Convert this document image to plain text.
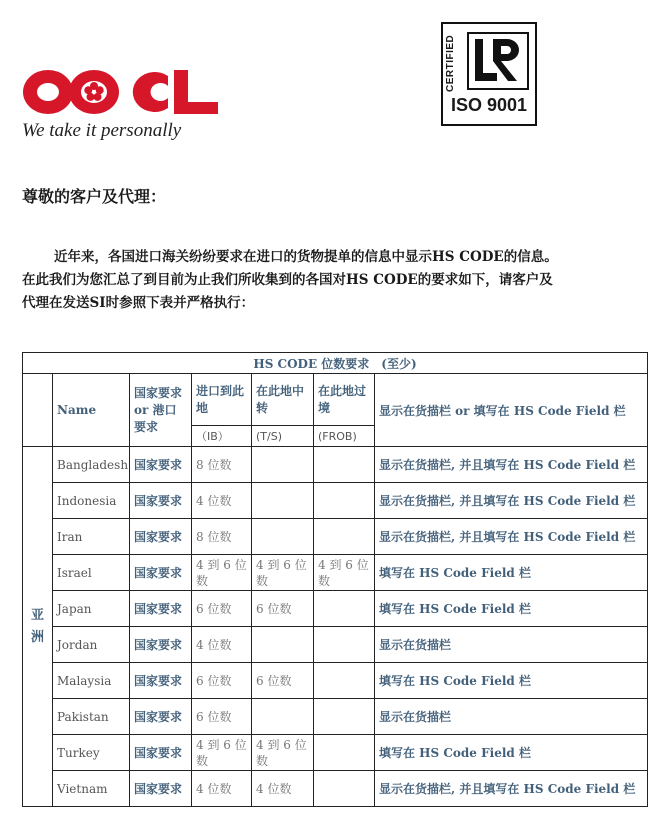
We take it personally
CERTIFIED
ISO 9001
尊敬的客户及代理：
近年来，各国进口海关纷纷要求在进口的货物提单的信息中显示HS CODE的信息。
在此我们为您汇总了到目前为止我们所收集到的各国对HS CODE的要求如下，请客户及
代理在发送SI时参照下表并严格执行：
HS CODE 位数要求　(至少)						
	Name	国家要求 or 港口要求	进口到此地	在此地中转	在此地过境	显示在货描栏 or 填写在 HS Code Field 栏
			（IB）	(T/S)	(FROB)	

亚
洲	Bangladesh	国家要求	8 位数			显示在货描栏, 并且填写在 HS Code Field 栏
	Indonesia	国家要求	4 位数			显示在货描栏, 并且填写在 HS Code Field 栏
	Iran	国家要求	8 位数			显示在货描栏, 并且填写在 HS Code Field 栏
	Israel	国家要求	4 到 6 位数	4 到 6 位数	4 到 6 位数	填写在 HS Code Field 栏
	Japan	国家要求	6 位数	6 位数		填写在 HS Code Field 栏
	Jordan	国家要求	4 位数			显示在货描栏
	Malaysia	国家要求	6 位数	6 位数		填写在 HS Code Field 栏
	Pakistan	国家要求	6 位数			显示在货描栏
	Turkey	国家要求	4 到 6 位数	4 到 6 位数		填写在 HS Code Field 栏
	Vietnam	国家要求	4 位数	4 位数		显示在货描栏, 并且填写在 HS Code Field 栏
